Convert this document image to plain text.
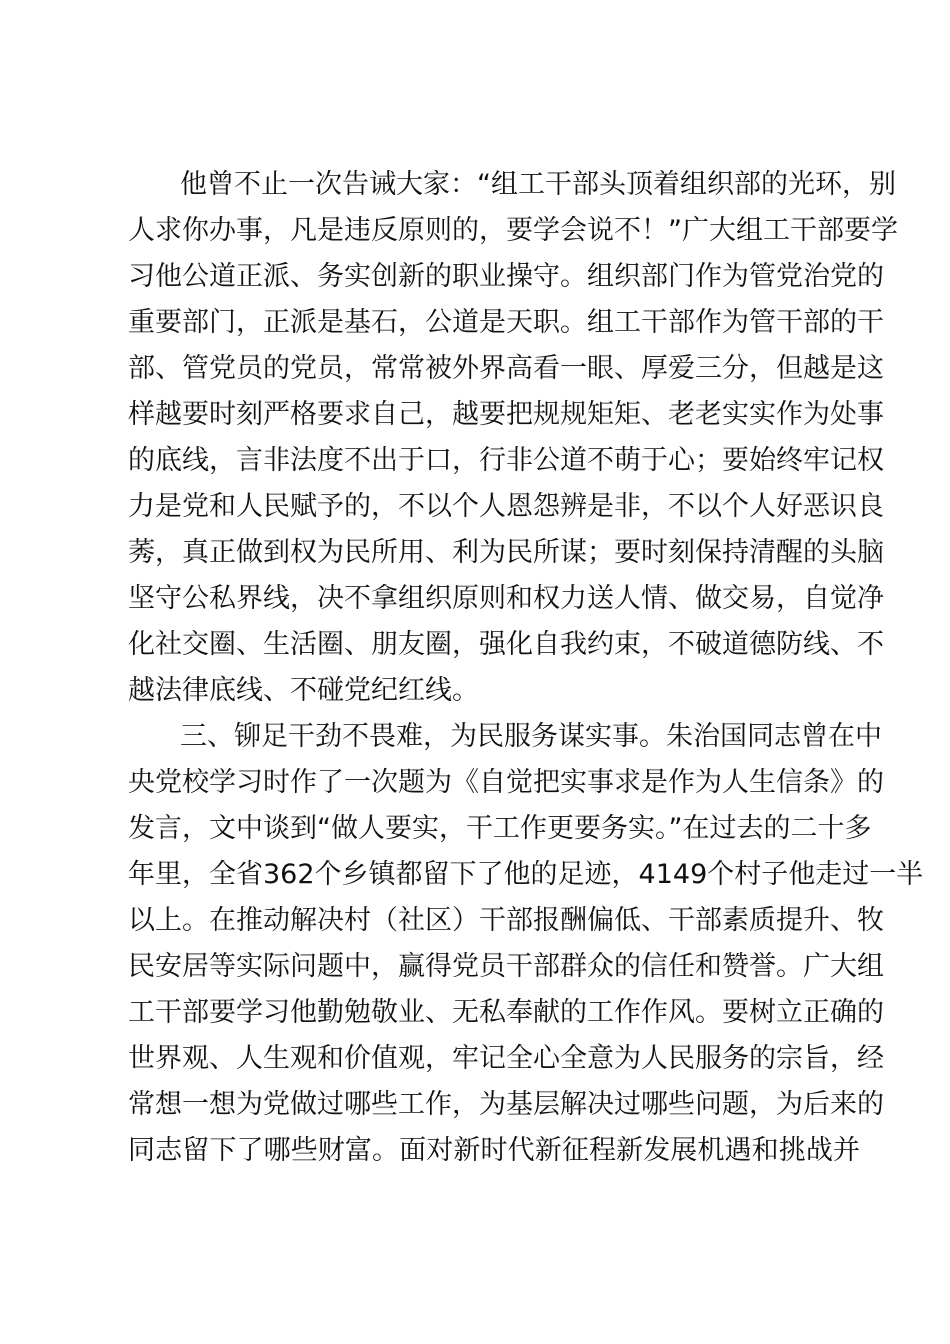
他曾不止一次告诫大家：“组工干部头顶着组织部的光环，别
人求你办事，凡是违反原则的，要学会说不！”广大组工干部要学
习他公道正派、务实创新的职业操守。组织部门作为管党治党的
重要部门，正派是基石，公道是天职。组工干部作为管干部的干
部、管党员的党员，常常被外界高看一眼、厚爱三分，但越是这
样越要时刻严格要求自己，越要把规规矩矩、老老实实作为处事
的底线，言非法度不出于口，行非公道不萌于心；要始终牢记权
力是党和人民赋予的，不以个人恩怨辨是非，不以个人好恶识良
莠，真正做到权为民所用、利为民所谋；要时刻保持清醒的头脑
坚守公私界线，决不拿组织原则和权力送人情、做交易，自觉净
化社交圈、生活圈、朋友圈，强化自我约束，不破道德防线、不
越法律底线、不碰党纪红线。
三、铆足干劲不畏难，为民服务谋实事。朱治国同志曾在中
央党校学习时作了一次题为《自觉把实事求是作为人生信条》的
发言，文中谈到“做人要实，干工作更要务实。”在过去的二十多
年里，全省362个乡镇都留下了他的足迹，4149个村子他走过一半
以上。在推动解决村（社区）干部报酬偏低、干部素质提升、牧
民安居等实际问题中，赢得党员干部群众的信任和赞誉。广大组
工干部要学习他勤勉敬业、无私奉献的工作作风。要树立正确的
世界观、人生观和价值观，牢记全心全意为人民服务的宗旨，经
常想一想为党做过哪些工作，为基层解决过哪些问题，为后来的
同志留下了哪些财富。面对新时代新征程新发展机遇和挑战并
